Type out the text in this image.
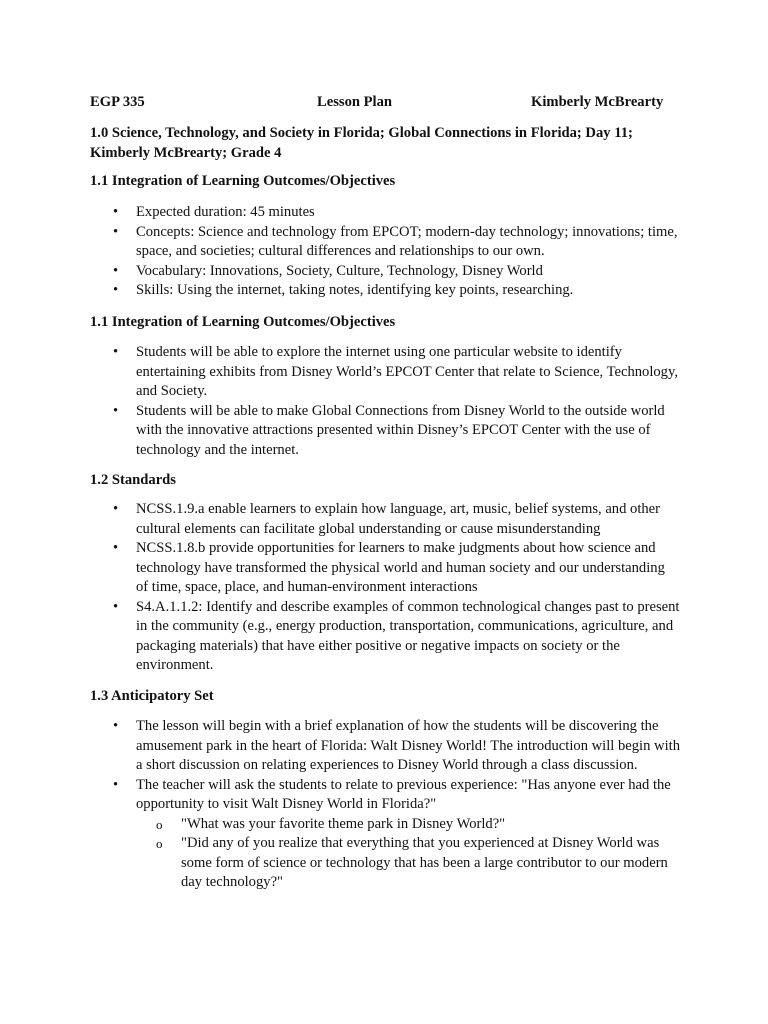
EGP 335	Lesson Plan	Kimberly McBrearty
1.0 Science, Technology, and Society in Florida; Global Connections in Florida; Day 11; Kimberly McBrearty; Grade 4
1.1 Integration of Learning Outcomes/Objectives
• Expected duration: 45 minutes
• Concepts: Science and technology from EPCOT; modern-day technology; innovations; time, space, and societies; cultural differences and relationships to our own.
• Vocabulary: Innovations, Society, Culture, Technology, Disney World
• Skills: Using the internet, taking notes, identifying key points, researching.
1.1 Integration of Learning Outcomes/Objectives
• Students will be able to explore the internet using one particular website to identify entertaining exhibits from Disney World’s EPCOT Center that relate to Science, Technology, and Society.
• Students will be able to make Global Connections from Disney World to the outside world with the innovative attractions presented within Disney’s EPCOT Center with the use of technology and the internet.
1.2 Standards
• NCSS.1.9.a enable learners to explain how language, art, music, belief systems, and other cultural elements can facilitate global understanding or cause misunderstanding
• NCSS.1.8.b provide opportunities for learners to make judgments about how science and technology have transformed the physical world and human society and our understanding of time, space, place, and human-environment interactions
• S4.A.1.1.2: Identify and describe examples of common technological changes past to present in the community (e.g., energy production, transportation, communications, agriculture, and packaging materials) that have either positive or negative impacts on society or the environment.
1.3 Anticipatory Set
• The lesson will begin with a brief explanation of how the students will be discovering the amusement park in the heart of Florida: Walt Disney World! The introduction will begin with a short discussion on relating experiences to Disney World through a class discussion.
• The teacher will ask the students to relate to previous experience: "Has anyone ever had the opportunity to visit Walt Disney World in Florida?"
o "What was your favorite theme park in Disney World?"
o "Did any of you realize that everything that you experienced at Disney World was some form of science or technology that has been a large contributor to our modern day technology?"
